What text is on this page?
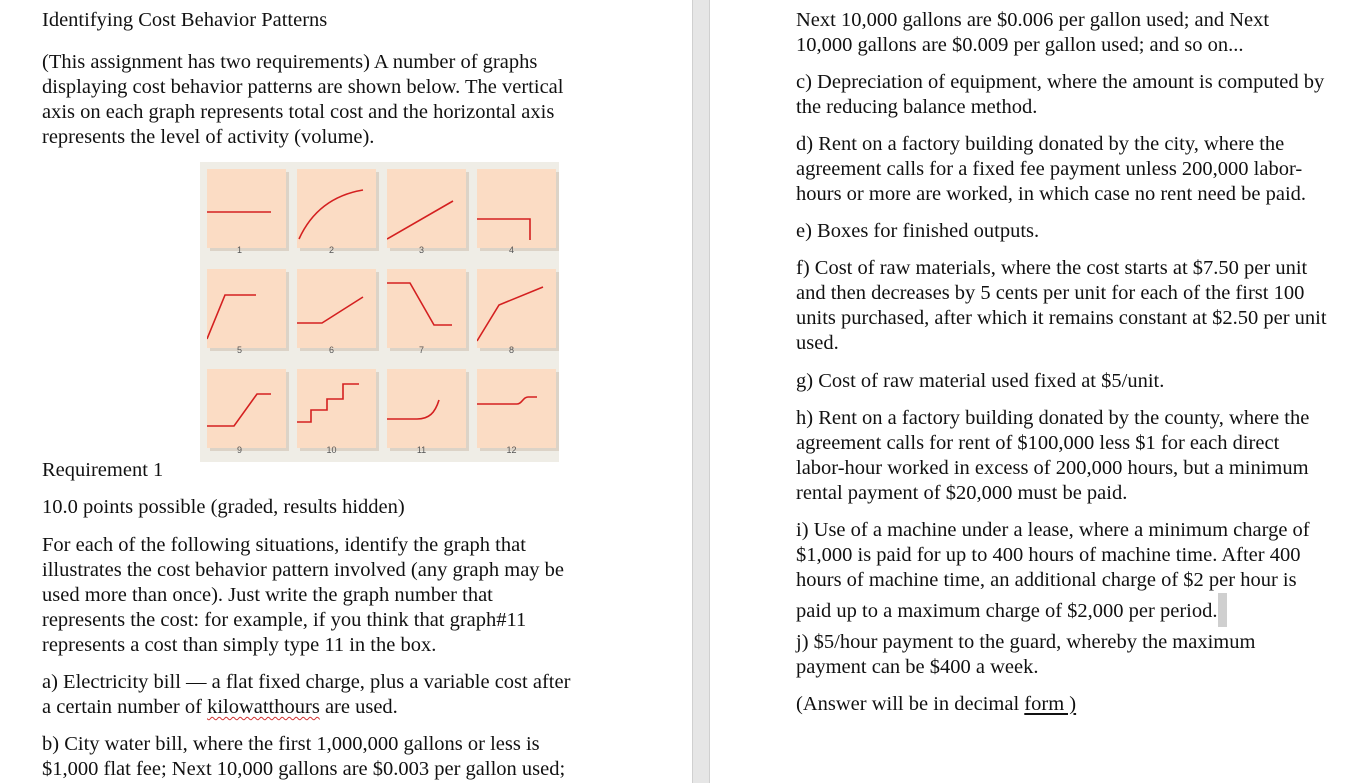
Identifying Cost Behavior Patterns

(This assignment has two requirements) A number of graphs

displaying cost behavior patterns are shown below. The vertical

axis on each graph represents total cost and the horizontal axis

represents the level of activity (volume).

1	2	3	4
5	6	7	8
9	10	11	12

Requirement 1

10.0 points possible (graded, results hidden)

For each of the following situations, identify the graph that

illustrates the cost behavior pattern involved (any graph may be

used more than once). Just write the graph number that

represents the cost: for example, if you think that graph#11

represents a cost than simply type 11 in the box.

a) Electricity bill — a flat fixed charge, plus a variable cost after

a certain number of kilowatthours are used.

b) City water bill, where the first 1,000,000 gallons or less is

$1,000 flat fee; Next 10,000 gallons are $0.003 per gallon used;

Next 10,000 gallons are $0.006 per gallon used; and Next

10,000 gallons are $0.009 per gallon used; and so on...

c) Depreciation of equipment, where the amount is computed by

the reducing balance method.

d) Rent on a factory building donated by the city, where the

agreement calls for a fixed fee payment unless 200,000 labor-

hours or more are worked, in which case no rent need be paid.

e) Boxes for finished outputs.

f) Cost of raw materials, where the cost starts at $7.50 per unit

and then decreases by 5 cents per unit for each of the first 100

units purchased, after which it remains constant at $2.50 per unit

used.

g) Cost of raw material used fixed at $5/unit.

h) Rent on a factory building donated by the county, where the

agreement calls for rent of $100,000 less $1 for each direct

labor-hour worked in excess of 200,000 hours, but a minimum

rental payment of $20,000 must be paid.

i) Use of a machine under a lease, where a minimum charge of

$1,000 is paid for up to 400 hours of machine time. After 400

hours of machine time, an additional charge of $2 per hour is

paid up to a maximum charge of $2,000 per period.

j) $5/hour payment to the guard, whereby the maximum

payment can be $400 a week.

(Answer will be in decimal form )
